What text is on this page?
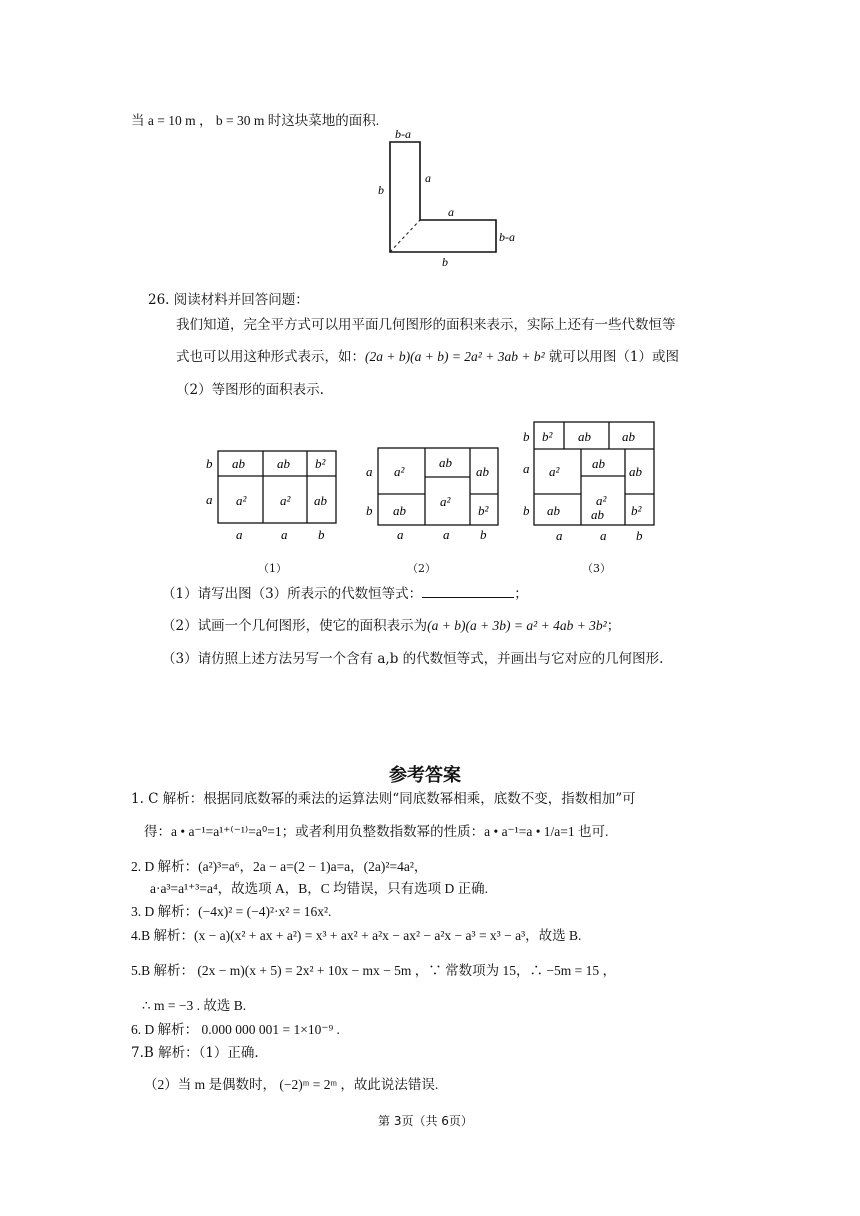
当 a = 10 m ， b = 30 m 时这块菜地的面积.
b-a
b
a
a
b-a
b
26. 阅读材料并回答问题：
我们知道，完全平方式可以用平面几何图形的面积来表示，实际上还有一些代数恒等
式也可以用这种形式表示，如：(2a + b)(a + b) = 2a² + 3ab + b² 就可以用图（1）或图
（2）等图形的面积表示.
ab ab b²
a²	a² ab
b
a
a	a b
a²
ab
ab
ab
a²
b²
a
b
a	a b
b² ab ab
a²
ab
ab
a²
ab ab b²
b
a
b
a	a b
（1）	（2）	（3）
（1）请写出图（3）所表示的代数恒等式：	；
（2）试画一个几何图形，使它的面积表示为(a + b)(a + 3b) = a² + 4ab + 3b²；
（3）请仿照上述方法另写一个含有 a,b 的代数恒等式，并画出与它对应的几何图形.
参考答案
1. C 解析：根据同底数幂的乘法的运算法则“同底数幂相乘，底数不变，指数相加”可
得：a • a⁻¹=a¹⁺⁽⁻¹⁾=a⁰=1；或者利用负整数指数幂的性质：a • a⁻¹=a • 1/a=1 也可.
2. D 解析：(a²)³=a⁶，2a − a=(2 − 1)a=a，(2a)²=4a²，
a·a³=a¹⁺³=a⁴，故选项 A，B，C 均错误，只有选项 D 正确.
3. D 解析：(−4x)² = (−4)²·x² = 16x².
4.B 解析：(x − a)(x² + ax + a²) = x³ + ax² + a²x − ax² − a²x − a³ = x³ − a³，故选 B.
5.B 解析： (2x − m)(x + 5) = 2x² + 10x − mx − 5m ，∵ 常数项为 15，∴ −5m = 15 ，
∴ m = −3 . 故选 B.
6. D 解析： 0.000 000 001 = 1×10⁻⁹ .
7.B 解析：（1）正确.
（2）当 m 是偶数时， (−2)ᵐ = 2ᵐ ，故此说法错误.
第 3页（共 6页）
